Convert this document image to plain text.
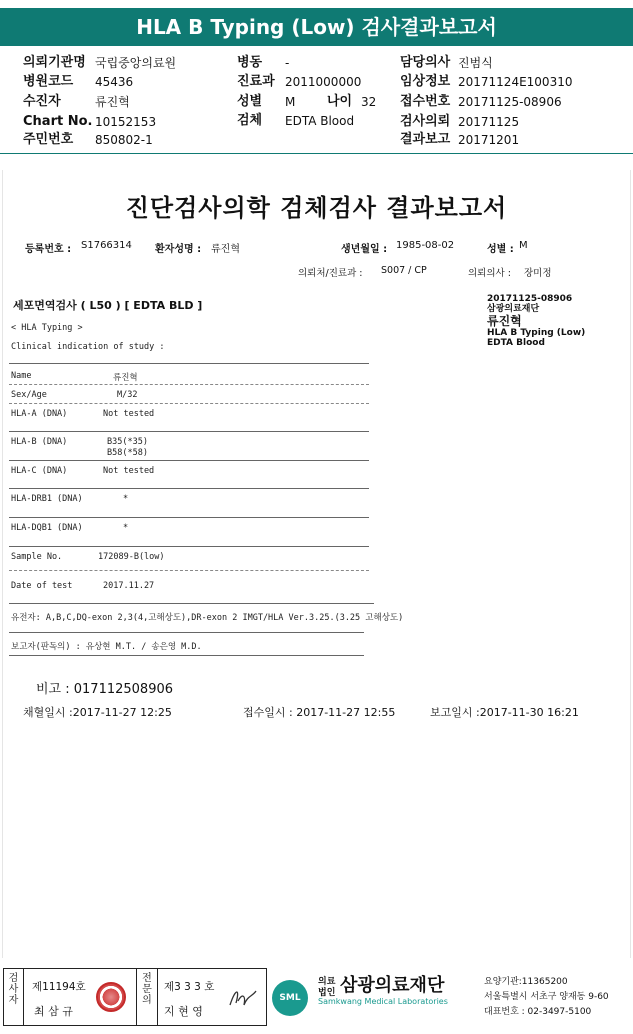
HLA B Typing (Low) 검사결과보고서
의뢰기관명 국립중앙의료원
병원코드 45436
수진자	류진혁
Chart No. 10152153
주민번호 850802-1
병동 -
진료과 2011000000
성별 M 나이 32
검체 EDTA Blood
담당의사 진범식
임상정보 20171124E100310
접수번호 20171125-08906
검사의뢰 20171125
결과보고 20171201
진단검사의학 검체검사 결과보고서
등록번호 : S1766314 환자성명 : 류진혁	생년월일 : 1985-08-02	성별 : M
의뢰처/진료과 : S007 / CP	의뢰의사 : 장미정
세포면역검사 ( L50 ) [ EDTA BLD ]	20171125-08906
삼광의료재단
류진혁
HLA B Typing (Low)
EDTA Blood
< HLA Typing >
Clinical indication of study :
Name	류진혁
Sex/Age	M/32
HLA-A (DNA)	Not tested
HLA-B (DNA)	B35(*35)
B58(*58)
HLA-C (DNA)	Not tested
HLA-DRB1 (DNA)	*
HLA-DQB1 (DNA)	*
Sample No.	172089-B(low)
Date of test	2017.11.27
유전자: A,B,C,DQ-exon 2,3(4,고해상도),DR-exon 2 IMGT/HLA Ver.3.25.(3.25 고해상도)
보고자(판독의) : 유상현 M.T. / 송은영 M.D.
비고 : 017112508906
채혈일시 :2017-11-27 12:25	접수일시 : 2017-11-27 12:55	보고일시 :2017-11-30 16:21
검
사
자
제11194호
최 삼 규
전
문
의
제3 3 3 호
지 현 영
SML
의료
법인 삼광의료재단
Samkwang Medical Laboratories
요양기관:11365200
서울특별시 서초구 양재동 9-60
대표번호 : 02-3497-5100
